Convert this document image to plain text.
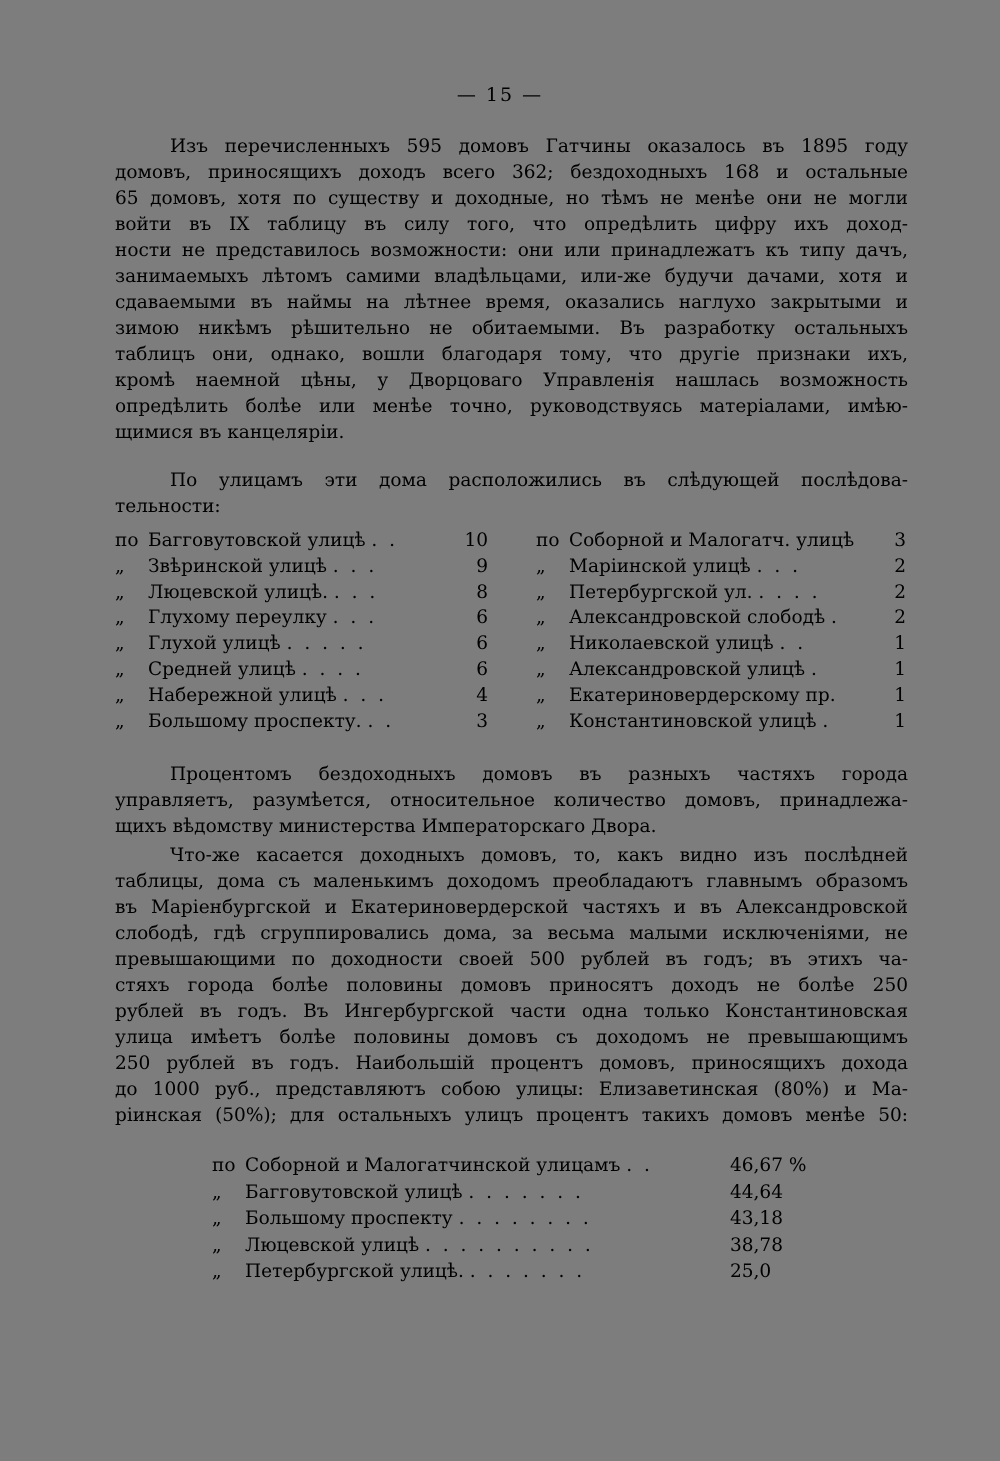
— 15 —
Изъ перечисленныхъ 595 домовъ Гатчины оказалось въ 1895 году
домовъ, приносящихъ доходъ всего 362; бездоходныхъ 168 и остальные
65 домовъ, хотя по существу и доходные, но тѣмъ не менѣе они не могли
войти въ IX таблицу въ силу того, что опредѣлить цифру ихъ доход-
ности не представилось возможности: они или принадлежатъ къ типу дачъ,
занимаемыхъ лѣтомъ самими владѣльцами, или-же будучи дачами, хотя и
сдаваемыми въ наймы на лѣтнее время, оказались наглухо закрытыми и
зимою никѣмъ рѣшительно не обитаемыми. Въ разработку остальныхъ
таблицъ они, однако, вошли благодаря тому, что другіе признаки ихъ,
кромѣ наемной цѣны, у Дворцоваго Управленія нашлась возможность
опредѣлить болѣе или менѣе точно, руководствуясь матеріалами, имѣю-
щимися въ канцеляріи.
По улицамъ эти дома расположились въ слѣдующей послѣдова-
тельности:
по Багговутовской улицѣ . .	10
„ Звѣринской улицѣ . . .	9
„ Люцевской улицѣ. . . .	8
„ Глухому переулку . . .	6
„ Глухой улицѣ . . . . .	6
„ Средней улицѣ . . . .	6
„ Набережной улицѣ . . .	4
„ Большому проспекту. . .	3
по Соборной и Малогатч. улицѣ 3
„ Маріинской улицѣ . . .	2
„ Петербургской ул. . . . .	2
„ Александровской слободѣ .	2
„ Николаевской улицѣ . .	1
„ Александровской улицѣ .	1
„ Екатериновердерскому пр.	1
„ Константиновской улицѣ .	1
Процентомъ бездоходныхъ домовъ въ разныхъ частяхъ города
управляетъ, разумѣется, относительное количество домовъ, принадлежа-
щихъ вѣдомству министерства Императорскаго Двора.
Что-же касается доходныхъ домовъ, то, какъ видно изъ послѣдней
таблицы, дома съ маленькимъ доходомъ преобладаютъ главнымъ образомъ
въ Маріенбургской и Екатериновердерской частяхъ и въ Александровской
слободѣ, гдѣ сгруппировались дома, за весьма малыми исключеніями, не
превышающими по доходности своей 500 рублей въ годъ; въ этихъ ча-
стяхъ города болѣе половины домовъ приносятъ доходъ не болѣе 250
рублей въ годъ. Въ Ингербургской части одна только Константиновская
улица имѣетъ болѣе половины домовъ съ доходомъ не превышающимъ
250 рублей въ годъ. Наибольшій процентъ домовъ, приносящихъ дохода
до 1000 руб., представляютъ собою улицы: Елизаветинская (80%) и Ма-
ріинская (50%); для остальныхъ улицъ процентъ такихъ домовъ менѣе 50:
по Соборной и Малогатчинской улицамъ . .	46,67 %
„ Багговутовской улицѣ . . . . . . .	44,64
„ Большому проспекту . . . . . . . .	43,18
„ Люцевской улицѣ . . . . . . . . . .	38,78
„ Петербургской улицѣ. . . . . . . .	25,0
